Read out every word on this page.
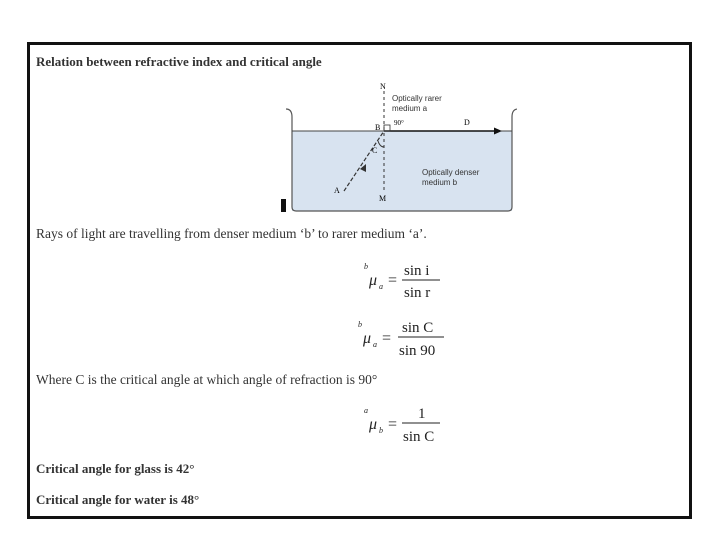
Relation between refractive index and critical angle
N
Optically rarer
medium a
B 90°	D
C
Optically denser
medium b
A
M
Rays of light are travelling from denser medium ‘b’ to rarer medium ‘a’.
b
μ a =
sin i
sin r
b
μ a =
sin C
sin 90
Where C is the critical angle at which angle of refraction is 90°
a
μ b =
1
sin C
Critical angle for glass is 42°
Critical angle for water is 48°
